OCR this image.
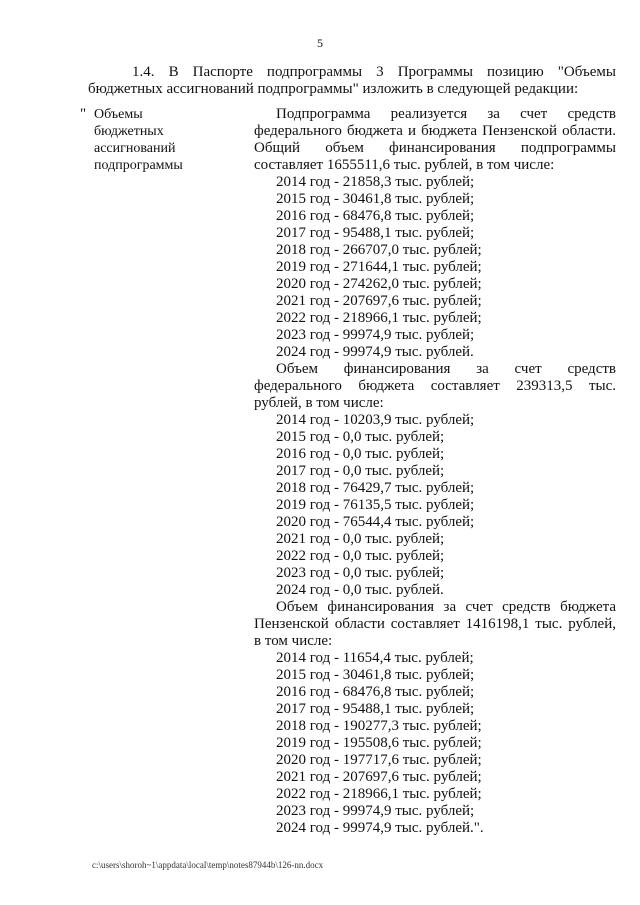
5
1.4. В Паспорте подпрограммы 3 Программы позицию "Объемы бюджетных ассигнований подпрограммы" изложить в следующей редакции:
" Объемы
бюджетных
ассигнований
подпрограммы

Подпрограмма реализуется за счет средств федерального бюджета и бюджета Пензенской области. Общий объем финансирования подпрограммы составляет 1655511,6 тыс. рублей, в том числе:

2014 год - 21858,3 тыс. рублей;
2015 год - 30461,8 тыс. рублей;
2016 год - 68476,8 тыс. рублей;
2017 год - 95488,1 тыс. рублей;
2018 год - 266707,0 тыс. рублей;
2019 год - 271644,1 тыс. рублей;
2020 год - 274262,0 тыс. рублей;
2021 год - 207697,6 тыс. рублей;
2022 год - 218966,1 тыс. рублей;
2023 год - 99974,9 тыс. рублей;
2024 год - 99974,9 тыс. рублей.

Объем финансирования за счет средств федерального бюджета составляет 239313,5 тыс. рублей, в том числе:

2014 год - 10203,9 тыс. рублей;
2015 год - 0,0 тыс. рублей;
2016 год - 0,0 тыс. рублей;
2017 год - 0,0 тыс. рублей;
2018 год - 76429,7 тыс. рублей;
2019 год - 76135,5 тыс. рублей;
2020 год - 76544,4 тыс. рублей;
2021 год - 0,0 тыс. рублей;
2022 год - 0,0 тыс. рублей;
2023 год - 0,0 тыс. рублей;
2024 год - 0,0 тыс. рублей.

Объем финансирования за счет средств бюджета Пензенской области составляет 1416198,1 тыс. рублей, в том числе:

2014 год - 11654,4 тыс. рублей;
2015 год - 30461,8 тыс. рублей;
2016 год - 68476,8 тыс. рублей;
2017 год - 95488,1 тыс. рублей;
2018 год - 190277,3 тыс. рублей;
2019 год - 195508,6 тыс. рублей;
2020 год - 197717,6 тыс. рублей;
2021 год - 207697,6 тыс. рублей;
2022 год - 218966,1 тыс. рублей;
2023 год - 99974,9 тыс. рублей;
2024 год - 99974,9 тыс. рублей.".
c:\users\shoroh~1\appdata\local\temp\notes87944b\126-nn.docx
